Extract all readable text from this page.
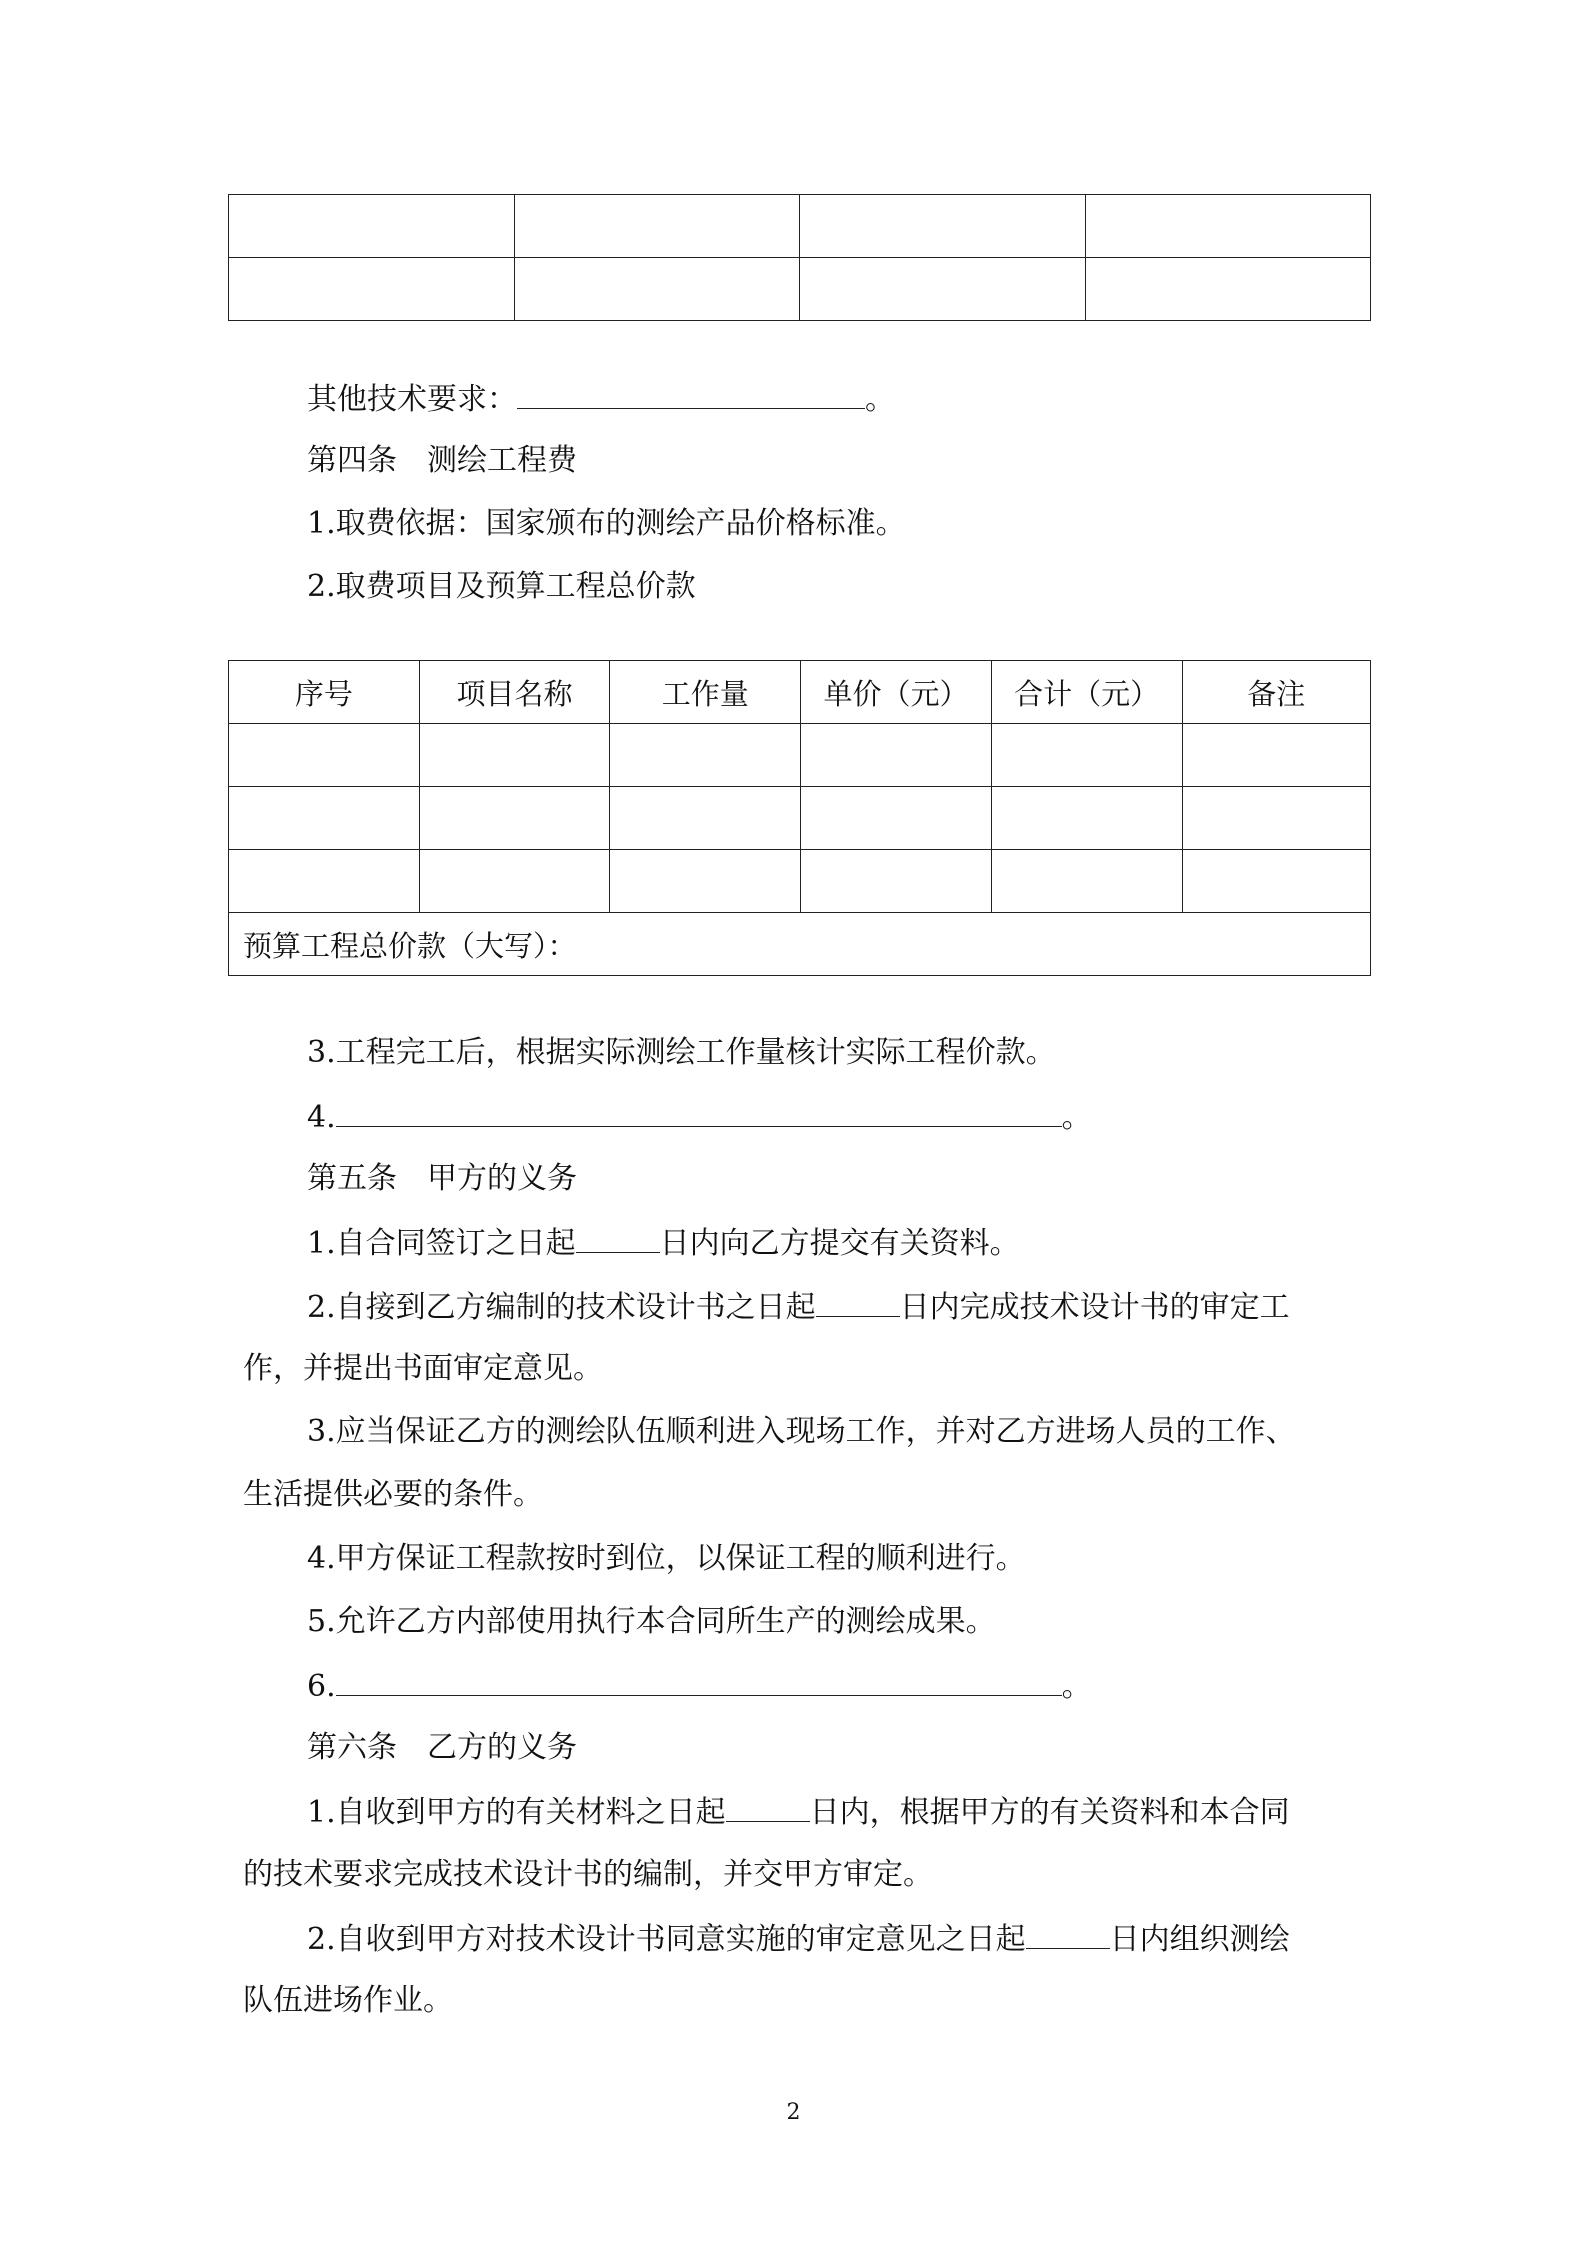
其他技术要求：	。
第四条　测绘工程费
1.取费依据：国家颁布的测绘产品价格标准。
2.取费项目及预算工程总价款
序号	项目名称	工作量	单价（元）	合计（元）	备注

预算工程总价款（大写）：					
3.工程完工后，根据实际测绘工作量核计实际工程价款。
4.	。
第五条　甲方的义务
1.自合同签订之日起	日内向乙方提交有关资料。
2.自接到乙方编制的技术设计书之日起	日内完成技术设计书的审定工
作，并提出书面审定意见。
3.应当保证乙方的测绘队伍顺利进入现场工作，并对乙方进场人员的工作、
生活提供必要的条件。
4.甲方保证工程款按时到位，以保证工程的顺利进行。
5.允许乙方内部使用执行本合同所生产的测绘成果。
6.	。
第六条　乙方的义务
1.自收到甲方的有关材料之日起	日内，根据甲方的有关资料和本合同
的技术要求完成技术设计书的编制，并交甲方审定。
2.自收到甲方对技术设计书同意实施的审定意见之日起	日内组织测绘
队伍进场作业。
2
